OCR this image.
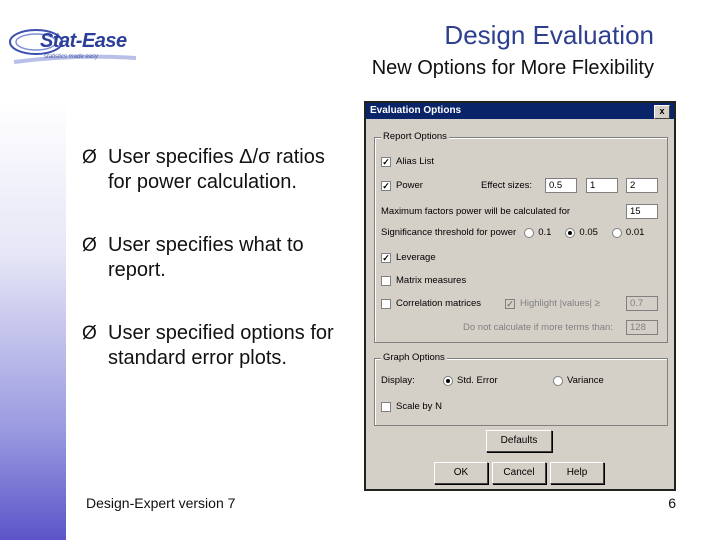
Stat-Ease
statistics made easy
Design Evaluation
New Options for More Flexibility
Ø User specifies Δ/σ ratios
for power calculation.
Ø User specifies what to
report.
Ø User specified options for
standard error plots.
Design-Expert version 7	6
Evaluation Options	x
Report Options
✓ Alias List
✓ Power	Effect sizes:	0.5	1	2
Maximum factors power will be calculated for	15
Significance threshold for power 0.1	0.05	0.01
✓ Leverage
Matrix measures
Correlation matrices	✓ Highlight |values| ≥	0.7
Do not calculate if more terms than:	128
Graph Options
Display:	Std. Error	Variance
Scale by N
Defaults
OK	Cancel	Help
